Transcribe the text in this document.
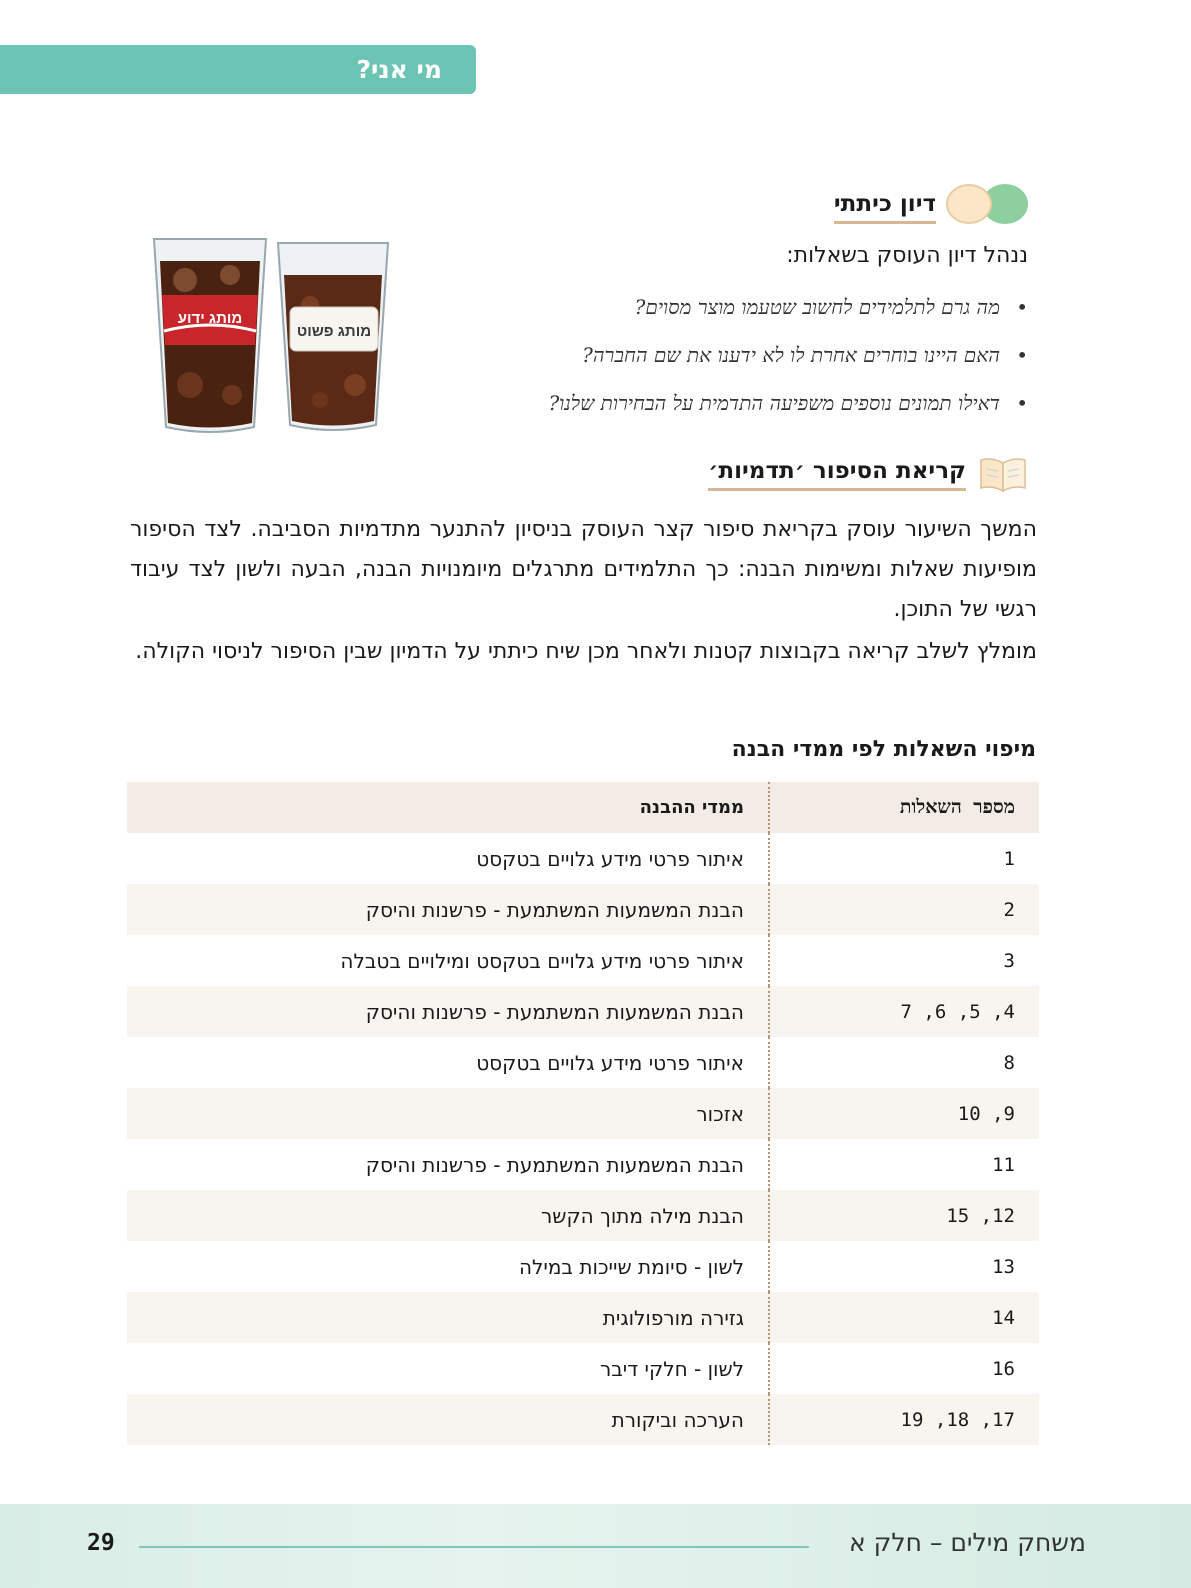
מי אני?
דיון כיתתי
ננהל דיון העוסק בשאלות:
• מה גרם לתלמידים לחשוב שטעמו מוצר מסוים?
• האם היינו בוחרים אחרת לו לא ידענו את שם החברה?
• דאילו תמונים נוספים משפיעה התדמית על הבחירות שלנו?
מותג פשוט
מותג ידוע
קריאת הסיפור ׳תדמיות׳

המשך השיעור עוסק בקריאת סיפור קצר העוסק בניסיון להתנער מתדמיות הסביבה. לצד הסיפור מופיעות שאלות ומשימות הבנה: כך התלמידים מתרגלים מיומנויות הבנה, הבעה ולשון לצד עיבוד רגשי של התוכן.

מומלץ לשלב קריאה בקבוצות קטנות ולאחר מכן שיח כיתתי על הדמיון שבין הסיפור לניסוי הקולה.

מיפוי השאלות לפי ממדי הבנה
מספר השאלות	ממדי ההבנה
1	איתור פרטי מידע גלויים בטקסט
2	הבנת המשמעות המשתמעת - פרשנות והיסק
3	איתור פרטי מידע גלויים בטקסט ומילויים בטבלה
4, 5, 6, 7	הבנת המשמעות המשתמעת - פרשנות והיסק
8	איתור פרטי מידע גלויים בטקסט
9, 10	אזכור
11	הבנת המשמעות המשתמעת - פרשנות והיסק
12, 15	הבנת מילה מתוך הקשר
13	לשון - סיומת שייכות במילה
14	גזירה מורפולוגית
16	לשון - חלקי דיבר
17, 18, 19	הערכה וביקורת
29	משחק מילים – חלק א
